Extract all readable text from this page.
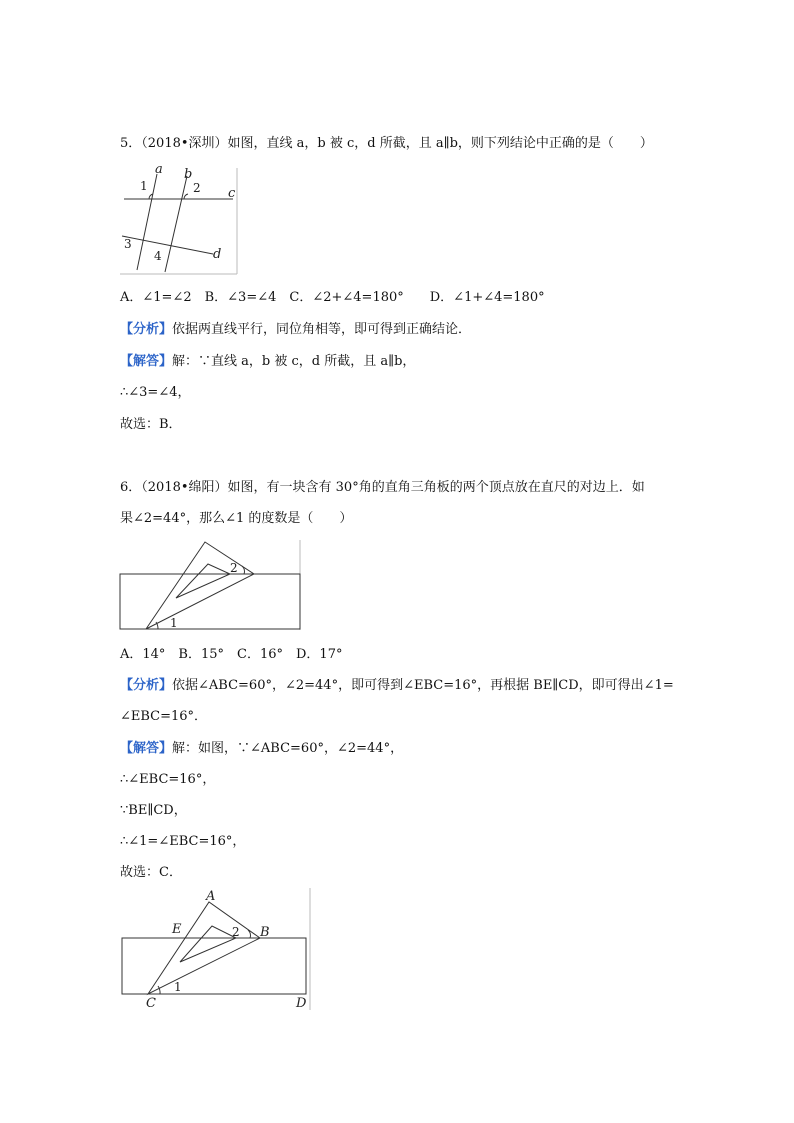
5．（2018•深圳）如图，直线 a，b 被 c，d 所截，且 a∥b，则下列结论中正确的是（　　）
a b
c
d
1	2
3
4
A．∠1=∠2　B．∠3=∠4　C．∠2+∠4=180°　　D．∠1+∠4=180°
【分析】依据两直线平行，同位角相等，即可得到正确结论．
【解答】解：∵直线 a，b 被 c，d 所截，且 a∥b，
∴∠3=∠4，
故选：B．
6．（2018•绵阳）如图，有一块含有 30°角的直角三角板的两个顶点放在直尺的对边上．如
果∠2=44°，那么∠1 的度数是（　　）
2
1
A．14°　B．15°　C．16°　D．17°
【分析】依据∠ABC=60°，∠2=44°，即可得到∠EBC=16°，再根据 BE∥CD，即可得出∠1=
∠EBC=16°．
【解答】解：如图，∵∠ABC=60°，∠2=44°，
∴∠EBC=16°，
∵BE∥CD，
∴∠1=∠EBC=16°，
故选：C．
A
B
E
C	D
2
1
